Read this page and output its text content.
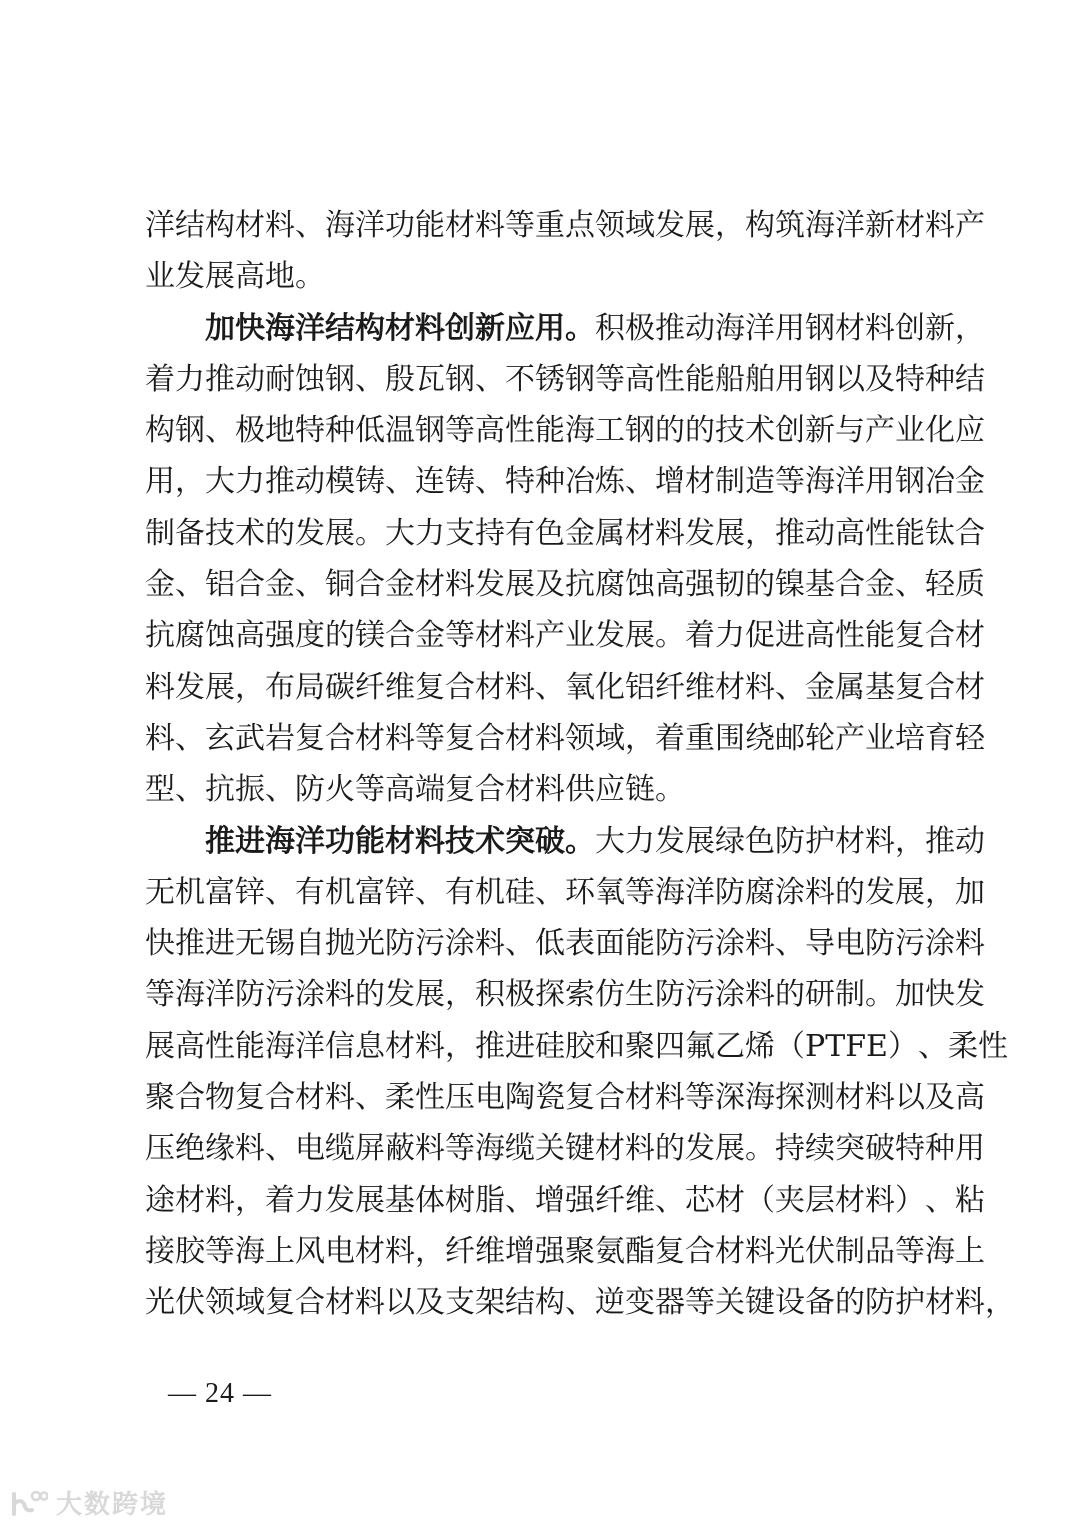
洋 结 构 材 料 、 海 洋 功 能 材 料 等 重 点 领 域 发 展 ， 构 筑 海 洋 新 材 料 产
业 发 展 高 地 。
加 快 海 洋 结 构 材 料 创 新 应 用 。 积 极 推 动 海 洋 用 钢 材 料 创 新 ，
着 力 推 动 耐 蚀 钢 、 殷 瓦 钢 、 不 锈 钢 等 高 性 能 船 舶 用 钢 以 及 特 种 结
构 钢 、 极 地 特 种 低 温 钢 等 高 性 能 海 工 钢 的 的 技 术 创 新 与 产 业 化 应
用 ， 大 力 推 动 模 铸 、 连 铸 、 特 种 冶 炼 、 增 材 制 造 等 海 洋 用 钢 冶 金
制 备 技 术 的 发 展 。 大 力 支 持 有 色 金 属 材 料 发 展 ， 推 动 高 性 能 钛 合
金 、 铝 合 金 、 铜 合 金 材 料 发 展 及 抗 腐 蚀 高 强 韧 的 镍 基 合 金 、 轻 质
抗 腐 蚀 高 强 度 的 镁 合 金 等 材 料 产 业 发 展 。 着 力 促 进 高 性 能 复 合 材
料 发 展 ， 布 局 碳 纤 维 复 合 材 料 、 氧 化 铝 纤 维 材 料 、 金 属 基 复 合 材
料 、 玄 武 岩 复 合 材 料 等 复 合 材 料 领 域 ， 着 重 围 绕 邮 轮 产 业 培 育 轻
型 、 抗 振 、 防 火 等 高 端 复 合 材 料 供 应 链 。
推 进 海 洋 功 能 材 料 技 术 突 破 。 大 力 发 展 绿 色 防 护 材 料 ， 推 动
无 机 富 锌 、 有 机 富 锌 、 有 机 硅 、 环 氧 等 海 洋 防 腐 涂 料 的 发 展 ， 加
快 推 进 无 锡 自 抛 光 防 污 涂 料 、 低 表 面 能 防 污 涂 料 、 导 电 防 污 涂 料
等 海 洋 防 污 涂 料 的 发 展 ， 积 极 探 索 仿 生 防 污 涂 料 的 研 制 。 加 快 发
展 高 性 能 海 洋 信 息 材 料 ， 推 进 硅 胶 和 聚 四 氟 乙 烯 （ P T F E ） 、 柔 性
聚 合 物 复 合 材 料 、 柔 性 压 电 陶 瓷 复 合 材 料 等 深 海 探 测 材 料 以 及 高
压 绝 缘 料 、 电 缆 屏 蔽 料 等 海 缆 关 键 材 料 的 发 展 。 持 续 突 破 特 种 用
途 材 料 ， 着 力 发 展 基 体 树 脂 、 增 强 纤 维 、 芯 材 （ 夹 层 材 料 ） 、 粘
接 胶 等 海 上 风 电 材 料 ， 纤 维 增 强 聚 氨 酯 复 合 材 料 光 伏 制 品 等 海 上
光 伏 领 域 复 合 材 料 以 及 支 架 结 构 、 逆 变 器 等 关 键 设 备 的 防 护 材 料 ，
— 24 —
大数跨境
